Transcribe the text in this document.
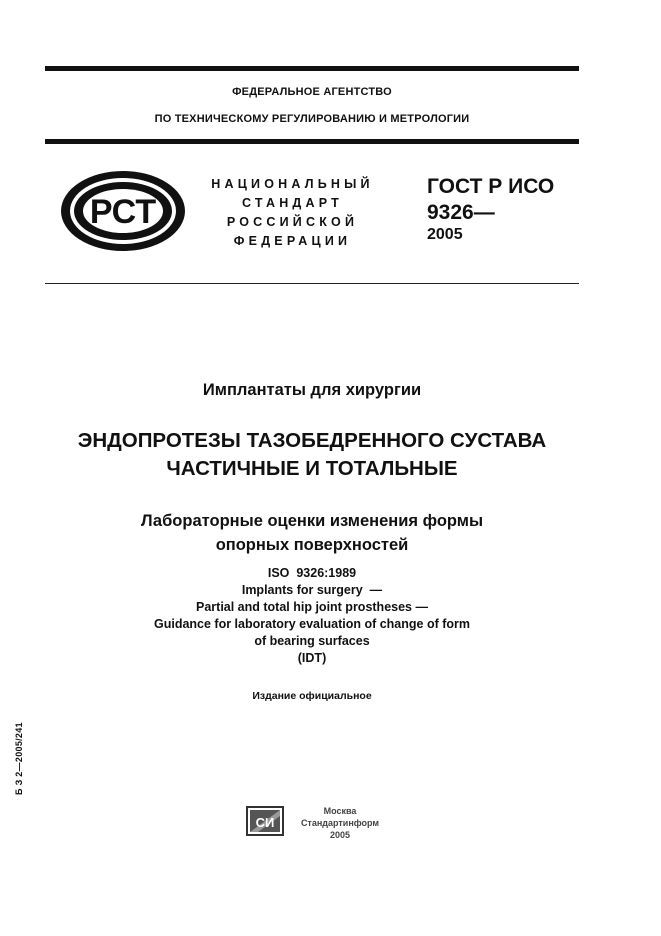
ФЕДЕРАЛЬНОЕ АГЕНТСТВО
ПО ТЕХНИЧЕСКОМУ РЕГУЛИРОВАНИЮ И МЕТРОЛОГИИ
РСТ
НАЦИОНАЛЬНЫЙ
СТАНДАРТ
РОССИЙСКОЙ
ФЕДЕРАЦИИ
ГОСТ Р ИСО
9326—
2005
Имплантаты для хирургии
ЭНДОПРОТЕЗЫ ТАЗОБЕДРЕННОГО СУСТАВА
ЧАСТИЧНЫЕ И ТОТАЛЬНЫЕ
Лабораторные оценки изменения формы
опорных поверхностей
ISO  9326:1989
Implants for surgery  —
Partial and total hip joint prostheses —
Guidance for laboratory evaluation of change of form
of bearing surfaces
(IDT)
Издание официальное
Б З 2—2005/241
СИ
Москва
Стандартинформ
2005
